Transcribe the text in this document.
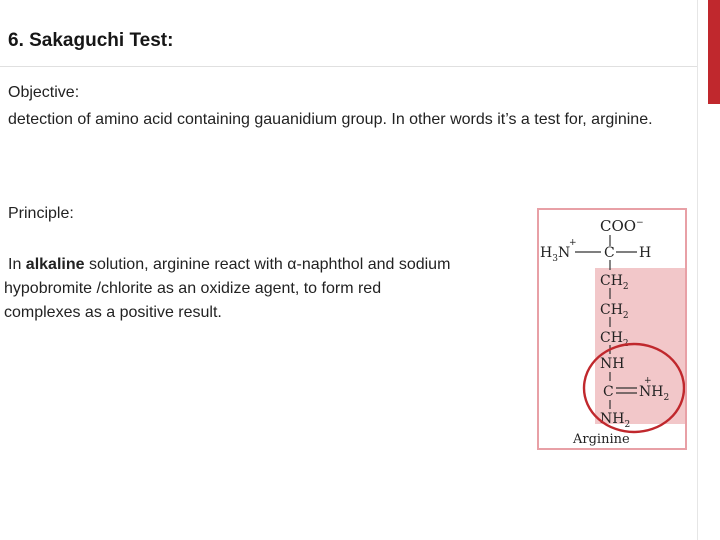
6. Sakaguchi Test:
Objective:
detection of amino acid containing gauanidium group. In other words it’s a test for, arginine.
Principle:
In alkaline solution, arginine react with α-naphthol and sodium
hypobromite /chlorite as an oxidize agent, to form red
complexes as a positive result.
COO−
$H_3N$
+
C H
$CH_2$
$CH_2$
$CH_2$
NH
C
+
$NH_2$
$NH_2$
Arginine
